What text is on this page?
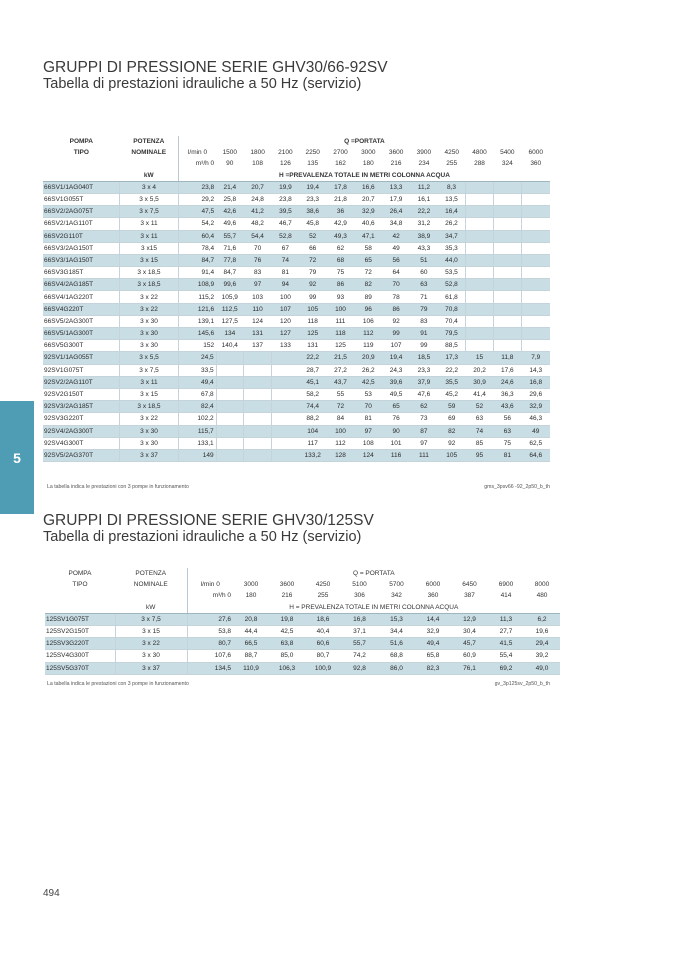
5
GRUPPI DI PRESSIONE SERIE GHV30/66-92SV
Tabella di prestazioni idrauliche a 50 Hz (servizio)
POMPA	POTENZA	Q =PORTATA												
TIPO	NOMINALE	l/min 0	1500	1800	2100	2250	2700	3000	3600	3900	4250	4800	5400	6000
		m³/h 0	90	108	126	135	162	180	216	234	255	288	324	360
	kW	H =PREVALENZA TOTALE IN METRI COLONNA ACQUA												
66SV1/1AG040T	3 x 4	23,8	21,4	20,7	19,9	19,4	17,8	16,6	13,3	11,2	8,3			
66SV1G055T	3 x 5,5	29,2	25,8	24,8	23,8	23,3	21,8	20,7	17,9	16,1	13,5			
66SV2/2AG075T	3 x 7,5	47,5	42,6	41,2	39,5	38,6	36	32,9	26,4	22,2	16,4			
66SV2/1AG110T	3 x 11	54,2	49,6	48,2	46,7	45,8	42,9	40,6	34,8	31,2	26,2			
66SV2G110T	3 x 11	60,4	55,7	54,4	52,8	52	49,3	47,1	42	38,9	34,7			
66SV3/2AG150T	3 x15	78,4	71,6	70	67	66	62	58	49	43,3	35,3			
66SV3/1AG150T	3 x 15	84,7	77,8	76	74	72	68	65	56	51	44,0			
66SV3G185T	3 x 18,5	91,4	84,7	83	81	79	75	72	64	60	53,5			
66SV4/2AG185T	3 x 18,5	108,9	99,6	97	94	92	86	82	70	63	52,8			
66SV4/1AG220T	3 x 22	115,2	105,9	103	100	99	93	89	78	71	61,8			
66SV4G220T	3 x 22	121,6	112,5	110	107	105	100	96	86	79	70,8			
66SV5/2AG300T	3 x 30	139,1	127,5	124	120	118	111	106	92	83	70,4			
66SV5/1AG300T	3 x 30	145,6	134	131	127	125	118	112	99	91	79,5			
66SV5G300T	3 x 30	152	140,4	137	133	131	125	119	107	99	88,5			
92SV1/1AG055T	3 x 5,5	24,5				22,2	21,5	20,9	19,4	18,5	17,3	15	11,8	7,9
92SV1G075T	3 x 7,5	33,5				28,7	27,2	26,2	24,3	23,3	22,2	20,2	17,6	14,3
92SV2/2AG110T	3 x 11	49,4				45,1	43,7	42,5	39,6	37,9	35,5	30,9	24,6	16,8
92SV2G150T	3 x 15	67,8				58,2	55	53	49,5	47,6	45,2	41,4	36,3	29,6
92SV3/2AG185T	3 x 18,5	82,4				74,4	72	70	65	62	59	52	43,6	32,9
92SV3G220T	3 x 22	102,2				88,2	84	81	76	73	69	63	56	46,3
92SV4/2AG300T	3 x 30	115,7				104	100	97	90	87	82	74	63	49
92SV4G300T	3 x 30	133,1				117	112	108	101	97	92	85	75	62,5
92SV5/2AG370T	3 x 37	149				133,2	128	124	116	111	105	95	81	64,6
La tabella indica le prestazioni con 3 pompe in funzionamento	gms_3psv66 -92_2p50_b_th
GRUPPI DI PRESSIONE SERIE GHV30/125SV
Tabella di prestazioni idrauliche a 50 Hz (servizio)
POMPA	POTENZA	Q = PORTATA									
TIPO	NOMINALE	l/min 0	3000	3600	4250	5100	5700	6000	6450	6900	8000
		m³/h 0	180	216	255	306	342	360	387	414	480
	kW	H = PREVALENZA TOTALE IN METRI COLONNA ACQUA									
125SV1G075T	3 x 7,5	27,6	20,8	19,8	18,6	16,8	15,3	14,4	12,9	11,3	6,2
125SV2G150T	3 x 15	53,8	44,4	42,5	40,4	37,1	34,4	32,9	30,4	27,7	19,6
125SV3G220T	3 x 22	80,7	66,5	63,8	60,6	55,7	51,6	49,4	45,7	41,5	29,4
125SV4G300T	3 x 30	107,6	88,7	85,0	80,7	74,2	68,8	65,8	60,9	55,4	39,2
125SV5G370T	3 x 37	134,5	110,9	106,3	100,9	92,8	86,0	82,3	76,1	69,2	49,0
La tabella indica le prestazioni con 3 pompe in funzionamento	gv_3p125sv_2p50_b_th
494
